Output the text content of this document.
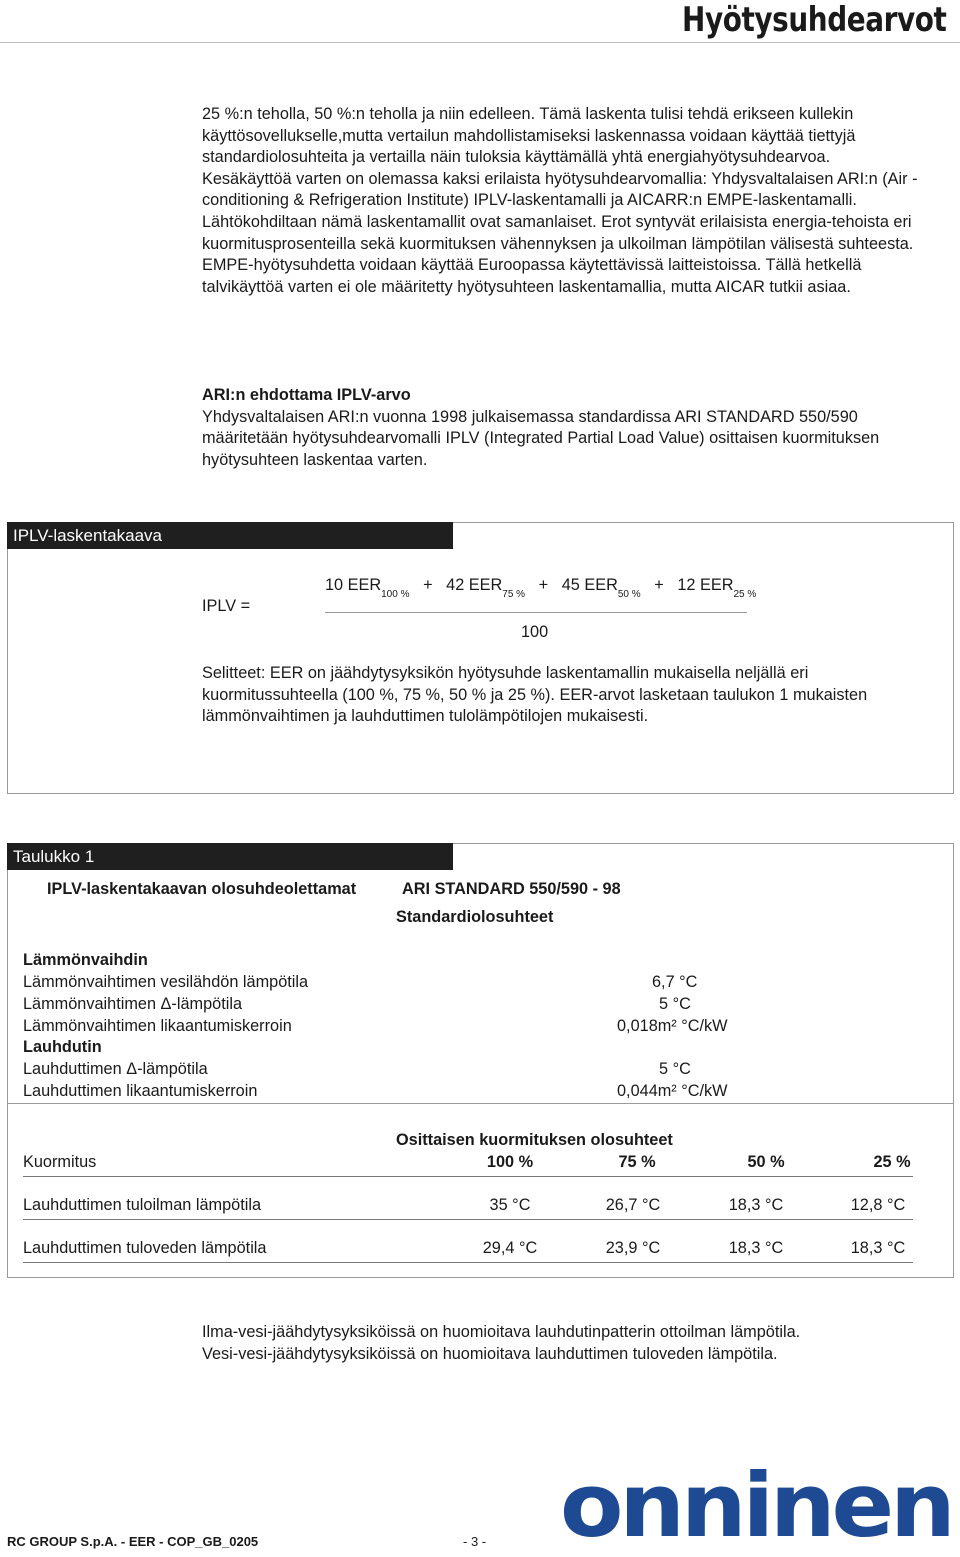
Hyötysuhdearvot

25 %:n teholla, 50 %:n teholla ja niin edelleen. Tämä laskenta tulisi tehdä erikseen kullekin käyttösovellukselle,mutta vertailun mahdollistamiseksi laskennassa voidaan käyttää tiettyjä standardiolosuhteita ja vertailla näin tuloksia käyttämällä yhtä energiahyötysuhdearvoa.

Kesäkäyttöä varten on olemassa kaksi erilaista hyötysuhdearvomallia: Yhdysvaltalaisen ARI:n (Air - conditioning & Refrigeration Institute) IPLV-laskentamalli ja AICARR:n EMPE-laskentamalli.

Lähtökohdiltaan nämä laskentamallit ovat samanlaiset. Erot syntyvät erilaisista energia-tehoista eri kuormitusprosenteilla sekä kuormituksen vähennyksen ja ulkoilman lämpötilan välisestä suhteesta. EMPE-hyötysuhdetta voidaan käyttää Euroopassa käytettävissä laitteistoissa. Tällä hetkellä talvikäyttöä varten ei ole määritetty hyötysuhteen laskentamallia, mutta AICAR tutkii asiaa.

ARI:n ehdottama IPLV-arvo

Yhdysvaltalaisen ARI:n vuonna 1998 julkaisemassa standardissa ARI STANDARD 550/590 määritetään hyötysuhdearvomalli IPLV (Integrated Partial Load Value) osittaisen kuormituksen hyötysuhteen laskentaa varten.

IPLV-laskentakaava
IPLV =
10 $EER_{100 \%} + 42$ $EER_{75 \%} + 45$ $EER_{50 \%} + 12$ $EER_{25 \%}$
100
Selitteet: EER on jäähdytysyksikön hyötysuhde laskentamallin mukaisella neljällä eri kuormitussuhteella (100 %, 75 %, 50 % ja 25 %). EER-arvot lasketaan taulukon 1 mukaisten lämmönvaihtimen ja lauhduttimen tulolämpötilojen mukaisesti.
Taulukko 1
IPLV-laskentakaavan olosuhdeolettamat	ARI STANDARD 550/590 - 98
Standardiolosuhteet
Lämmönvaihdin
Lämmönvaihtimen vesilähdön lämpötila	6,7 °C
Lämmönvaihtimen Δ-lämpötila	5 °C
Lämmönvaihtimen likaantumiskerroin	0,018m² °C/kW
Lauhdutin
Lauhduttimen Δ-lämpötila	5 °C
Lauhduttimen likaantumiskerroin	0,044m² °C/kW
Osittaisen kuormituksen olosuhteet
Kuormitus	100 %	75 %	50 %	25 %
Lauhduttimen tuloilman lämpötila	35 °C	26,7 °C	18,3 °C	12,8 °C
Lauhduttimen tuloveden lämpötila	29,4 °C	23,9 °C	18,3 °C	18,3 °C

Ilma-vesi-jäähdytysyksiköissä on huomioitava lauhdutinpatterin ottoilman lämpötila.

Vesi-vesi-jäähdytysyksiköissä on huomioitava lauhduttimen tuloveden lämpötila.

RC GROUP S.p.A. - EER - COP_GB_0205	- 3 - onninen
